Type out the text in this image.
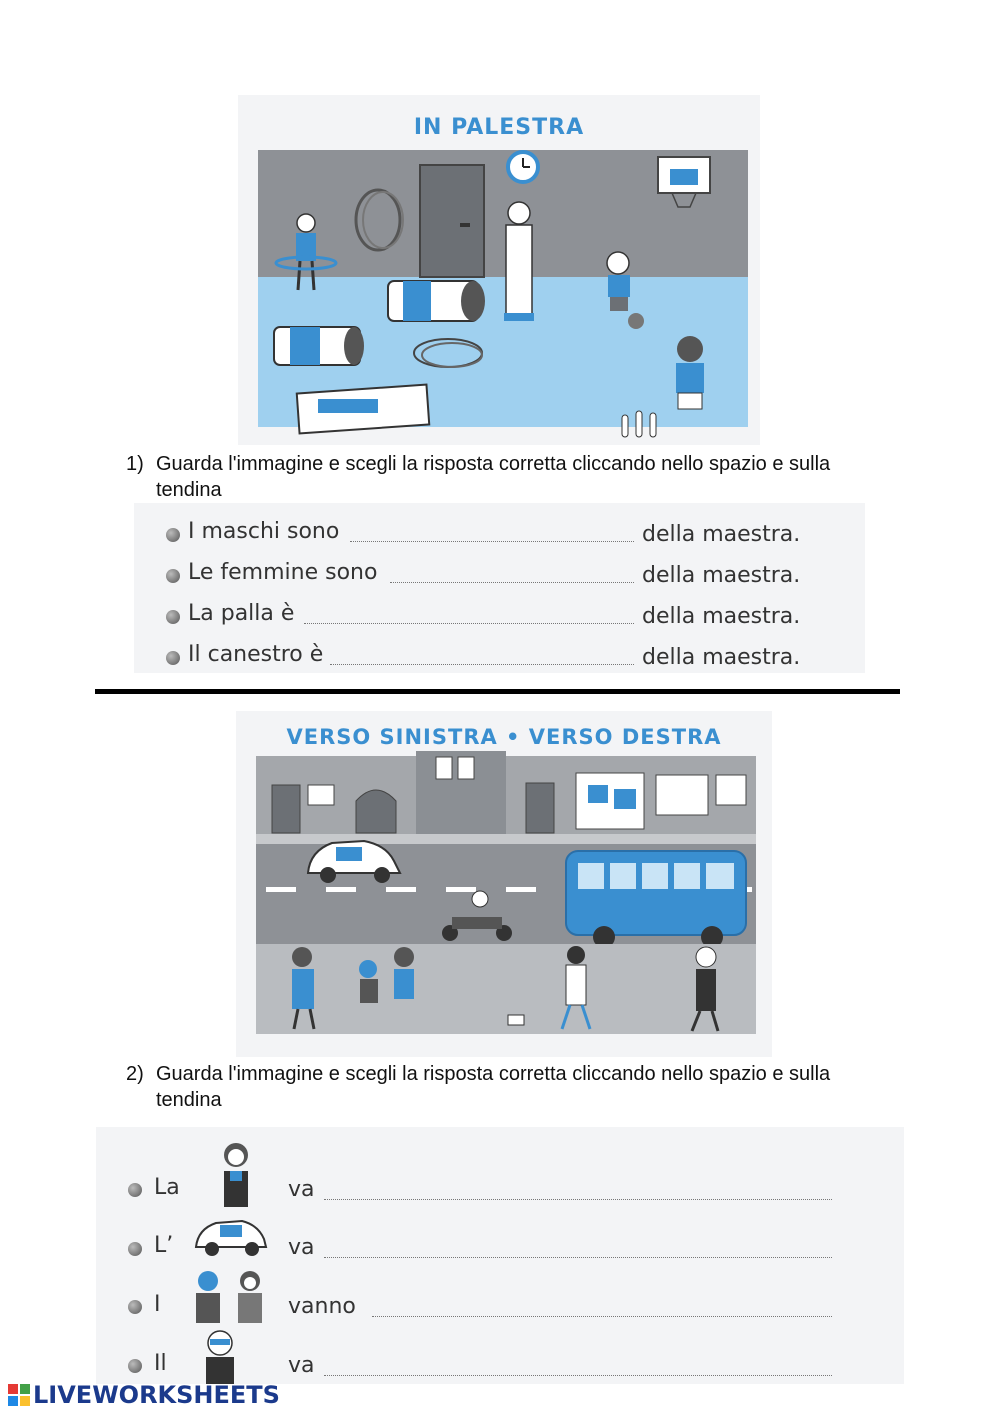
IN PALESTRA
1) Guarda l'immagine e scegli la risposta corretta cliccando nello spazio e sulla tendina
I maschi sono	della maestra.
Le femmine sono	della maestra.
La palla è	della maestra.
Il canestro è	della maestra.
VERSO SINISTRA • VERSO DESTRA
2) Guarda l'immagine e scegli la risposta corretta cliccando nello spazio e sulla tendina
La	va
L’	va
I	vanno
Il	va
LIVEWORKSHEETS
